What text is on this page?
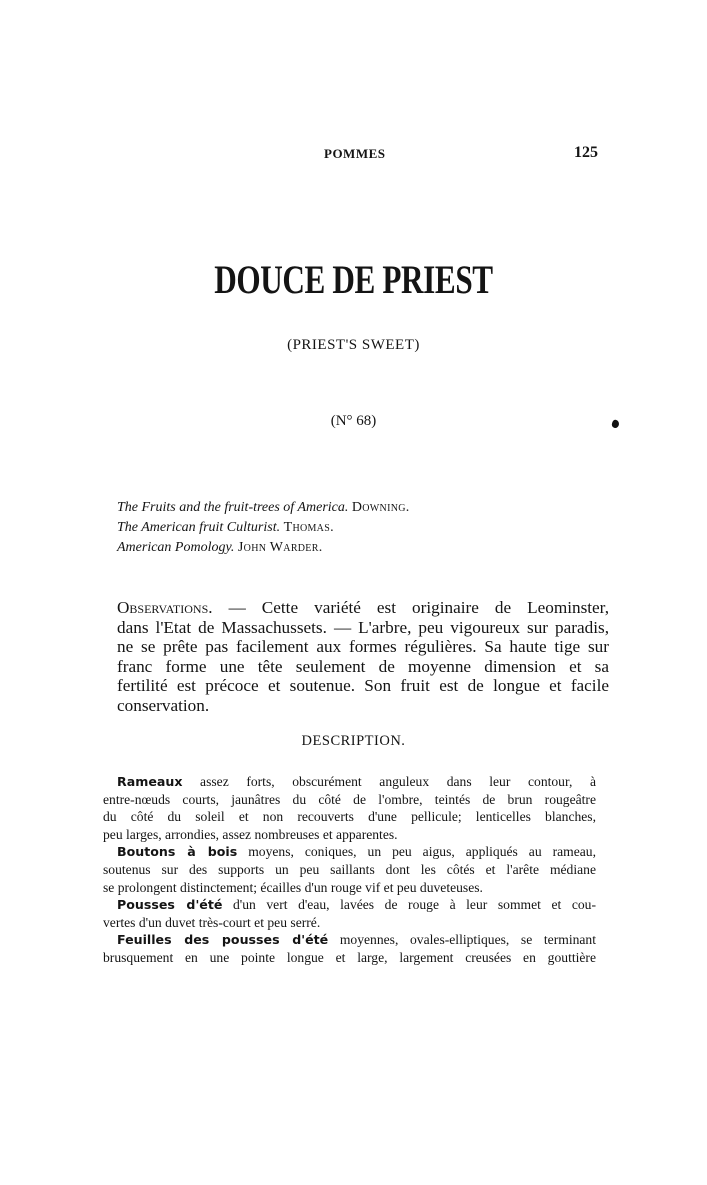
POMMES	125
DOUCE DE PRIEST
(PRIEST'S SWEET)
(N° 68)
The Fruits and the fruit-trees of America. Downing.
The American fruit Culturist. Thomas.
American Pomology. John Warder.
Observations. — Cette variété est originaire de Leominster,
dans l'Etat de Massachussets. — L'arbre, peu vigoureux sur paradis,
ne se prête pas facilement aux formes régulières. Sa haute tige sur
franc forme une tête seulement de moyenne dimension et sa
fertilité est précoce et soutenue. Son fruit est de longue et facile
conservation.
DESCRIPTION.
Rameaux assez forts, obscurément anguleux dans leur contour, à
entre-nœuds courts, jaunâtres du côté de l'ombre, teintés de brun rougeâtre
du côté du soleil et non recouverts d'une pellicule; lenticelles blanches,
peu larges, arrondies, assez nombreuses et apparentes.
Boutons à bois moyens, coniques, un peu aigus, appliqués au rameau,
soutenus sur des supports un peu saillants dont les côtés et l'arête médiane
se prolongent distinctement; écailles d'un rouge vif et peu duveteuses.
Pousses d'été d'un vert d'eau, lavées de rouge à leur sommet et cou-
vertes d'un duvet très-court et peu serré.
Feuilles des pousses d'été moyennes, ovales-elliptiques, se terminant
brusquement en une pointe longue et large, largement creusées en gouttière
